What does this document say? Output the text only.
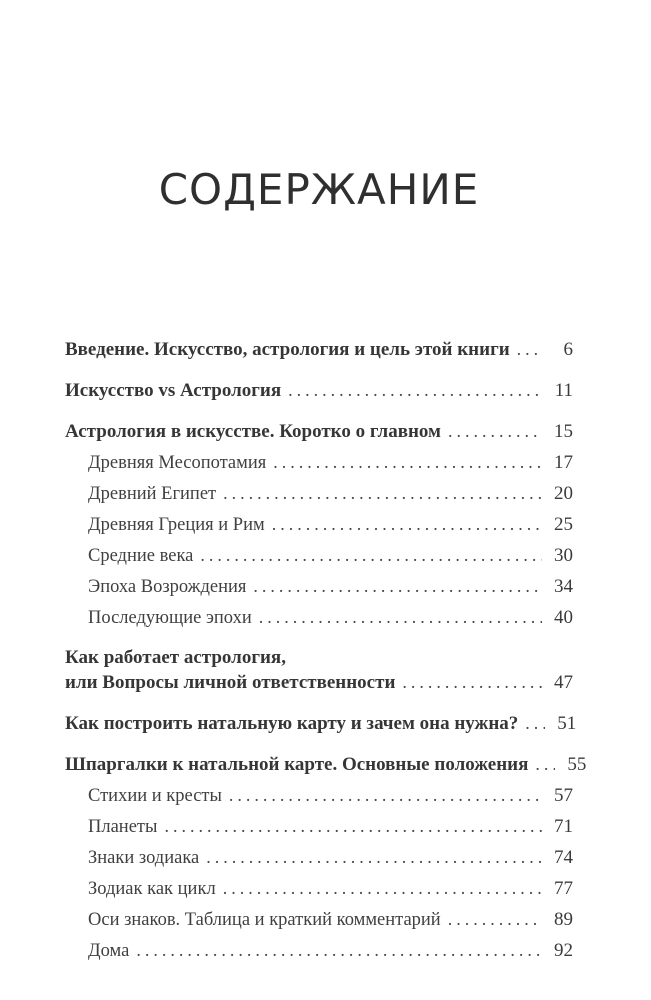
СОДЕРЖАНИЕ
Введение. Искусство, астрология и цель этой книги .....	6
Искусство vs Астрология .....	11
Астрология в искусстве. Коротко о главном .....	15
Древняя Месопотамия .....	17
Древний Египет .....	20
Древняя Греция и Рим .....	25
Средние века .....	30
Эпоха Возрождения .....	34
Последующие эпохи .....	40
Как работает астрология,
или Вопросы личной ответственности .....	47
Как построить натальную карту и зачем она нужна? ..... 51
Шпаргалки к натальной карте. Основные положения ..... 55
Стихии и кресты .....	57
Планеты .....	71
Знаки зодиака .....	74
Зодиак как цикл .....	77
Оси знаков. Таблица и краткий комментарий .....	89
Дома .....	92
